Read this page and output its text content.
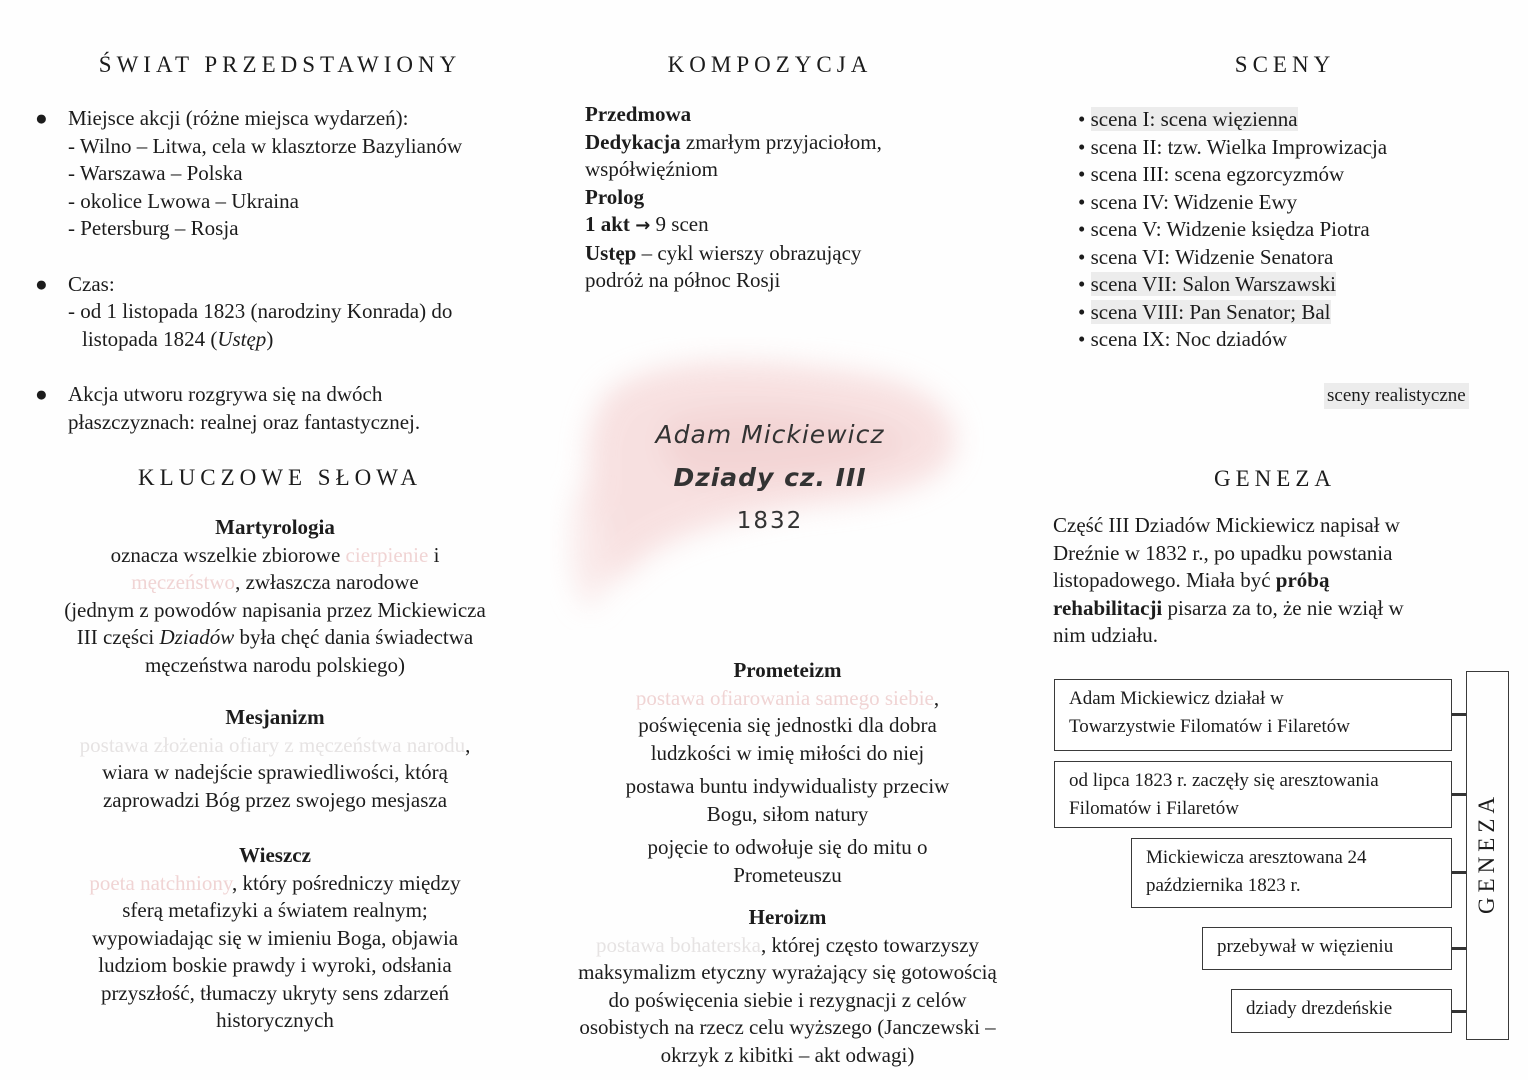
ŚWIAT PRZEDSTAWIONY
● Miejsce akcji (różne miejsca wydarzeń):
- Wilno – Litwa, cela w klasztorze Bazylianów
- Warszawa – Polska
- okolice Lwowa – Ukraina
- Petersburg – Rosja
● Czas:
- od 1 listopada 1823 (narodziny Konrada) do
listopada 1824 (Ustęp)
● Akcja utworu rozgrywa się na dwóch
płaszczyznach: realnej oraz fantastycznej.
KLUCZOWE SŁOWA
Martyrologia
oznacza wszelkie zbiorowe cierpienie i
męczeństwo, zwłaszcza narodowe
(jednym z powodów napisania przez Mickiewicza
III części Dziadów była chęć dania świadectwa
męczeństwa narodu polskiego)
Mesjanizm
postawa złożenia ofiary z męczeństwa narodu,
wiara w nadejście sprawiedliwości, którą
zaprowadzi Bóg przez swojego mesjasza
Wieszcz
poeta natchniony, który pośredniczy między
sferą metafizyki a światem realnym;
wypowiadając się w imieniu Boga, objawia
ludziom boskie prawdy i wyroki, odsłania
przyszłość, tłumaczy ukryty sens zdarzeń
historycznych
KOMPOZYCJA
Przedmowa
Dedykacja zmarłym przyjaciołom,
współwięźniom
Prolog
1 akt → 9 scen
Ustęp – cykl wierszy obrazujący
podróż na północ Rosji
Adam Mickiewicz
Dziady cz. III
1832
Prometeizm
postawa ofiarowania samego siebie,
poświęcenia się jednostki dla dobra
ludzkości w imię miłości do niej
postawa buntu indywidualisty przeciw
Bogu, siłom natury
pojęcie to odwołuje się do mitu o
Prometeuszu
Heroizm
postawa bohaterska, której często towarzyszy
maksymalizm etyczny wyrażający się gotowością
do poświęcenia siebie i rezygnacji z celów
osobistych na rzecz celu wyższego (Janczewski –
okrzyk z kibitki – akt odwagi)
SCENY
• scena I: scena więzienna
• scena II: tzw. Wielka Improwizacja
• scena III: scena egzorcyzmów
• scena IV: Widzenie Ewy
• scena V: Widzenie księdza Piotra
• scena VI: Widzenie Senatora
• scena VII: Salon Warszawski
• scena VIII: Pan Senator; Bal
• scena IX: Noc dziadów
sceny realistyczne
GENEZA
Część III Dziadów Mickiewicz napisał w
Dreźnie w 1832 r., po upadku powstania
listopadowego. Miała być próbą
rehabilitacji pisarza za to, że nie wziął w
nim udziału.
Adam Mickiewicz działał w
Towarzystwie Filomatów i Filaretów
od lipca 1823 r. zaczęły się aresztowania
Filomatów i Filaretów
Mickiewicza aresztowana 24
października 1823 r.
przebywał w więzieniu
dziady drezdeńskie
GENEZA
